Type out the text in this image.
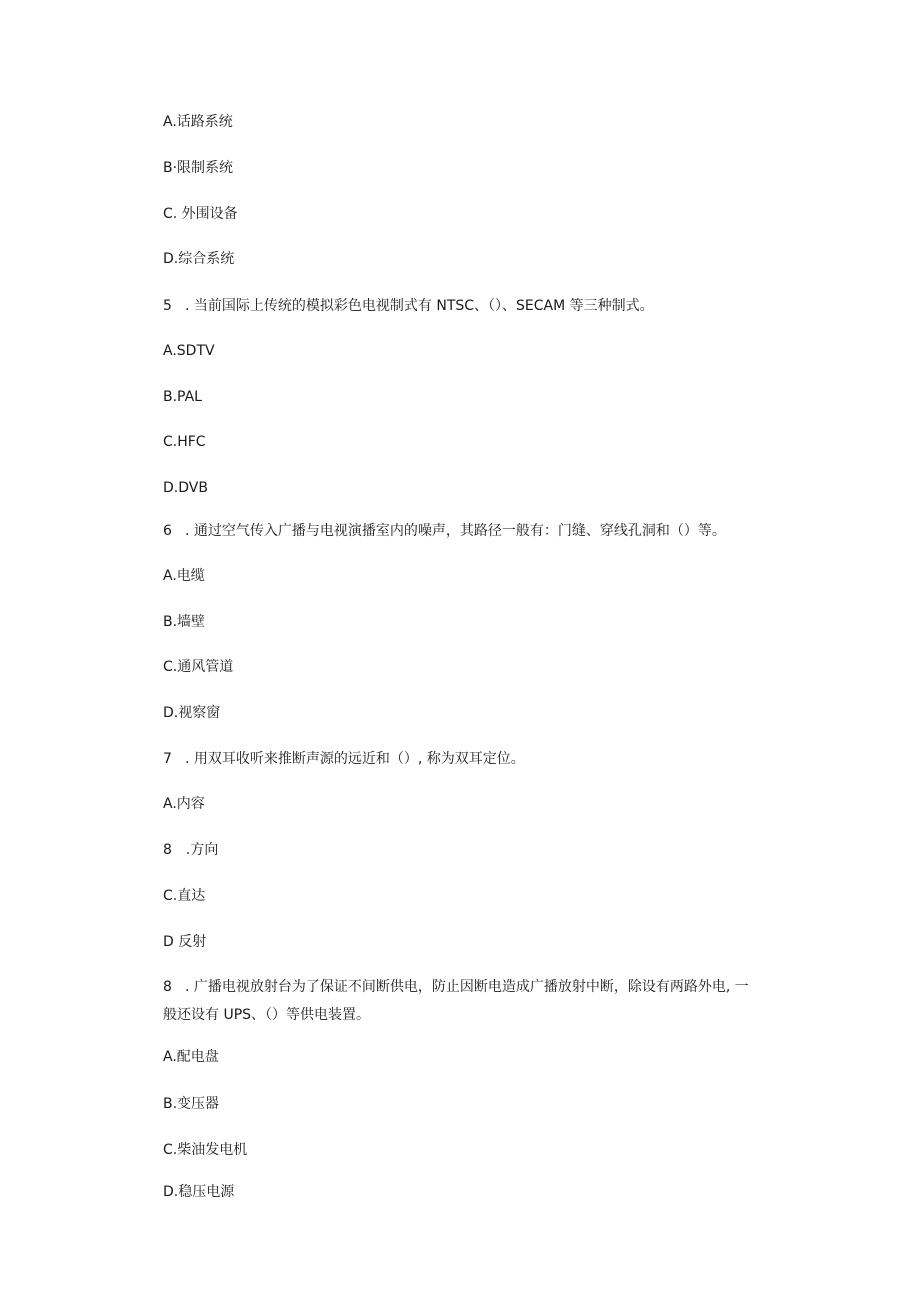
A.话路系统
B·限制系统
C. 外围设备
D.综合系统
5 . 当前国际上传统的模拟彩色电视制式有 NTSC、（）、SECAM 等三种制式。
A.SDTV
B.PAL
C.HFC
D.DVB
6 . 通过空气传入广播与电视演播室内的噪声，其路径一般有：门缝、穿线孔洞和（）等。
A.电缆
B.墙壁
C.通风管道
D.视察窗
7 . 用双耳收听来推断声源的远近和（）, 称为双耳定位。
A.内容
8　.方向
C.直达
D 反射
8 . 广播电视放射台为了保证不间断供电，防止因断电造成广播放射中断，除设有两路外电, 一
般还设有 UPS、（）等供电装置。
A.配电盘
B.变压器
C.柴油发电机
D.稳压电源
